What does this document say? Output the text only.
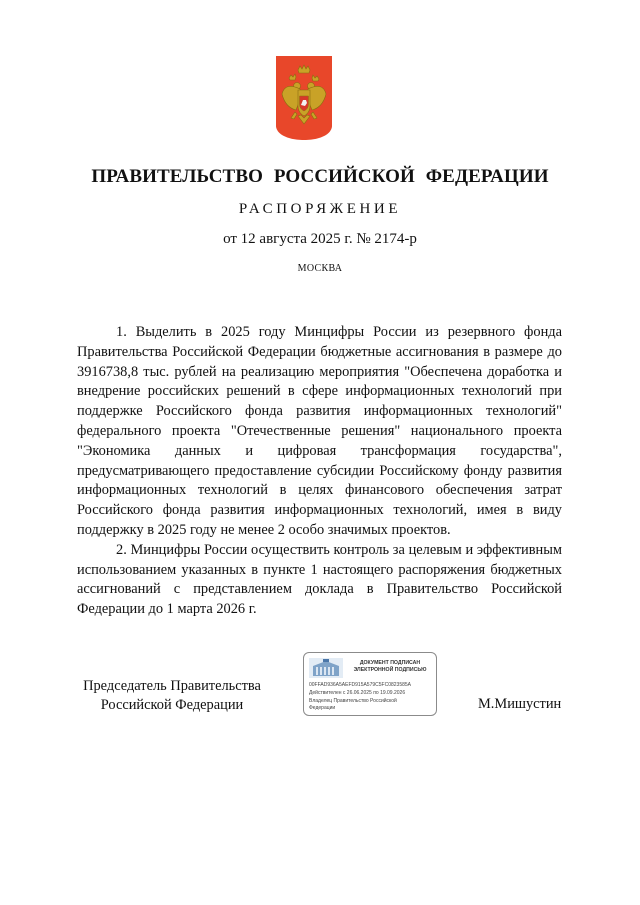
ПРАВИТЕЛЬСТВО РОССИЙСКОЙ ФЕДЕРАЦИИ
РАСПОРЯЖЕНИЕ
от 12 августа 2025 г. № 2174-р
МОСКВА

1. Выделить в 2025 году Минцифры России из резервного фонда Правительства Российской Федерации бюджетные ассигнования в размере до 3916738,8 тыс. рублей на реализацию мероприятия "Обеспечена доработка и внедрение российских решений в сфере информационных технологий при поддержке Российского фонда развития информационных технологий" федерального проекта "Отечественные решения" национального проекта "Экономика данных и цифровая трансформация государства", предусматривающего предоставление субсидии Российскому фонду развития информационных технологий в целях финансового обеспечения затрат Российского фонда развития информационных технологий, имея в виду поддержку в 2025 году не менее 2 особо значимых проектов.

2. Минцифры России осуществить контроль за целевым и эффективным использованием указанных в пункте 1 настоящего распоряжения бюджетных ассигнований с представлением доклада в Правительство Российской Федерации до 1 марта 2026 г.

Председатель Правительства
Российской Федерации
ДОКУМЕНТ ПОДПИСАН
ЭЛЕКТРОННОЙ ПОДПИСЬЮ
00FFAD936A5AEFD915A579C5FC0823585A
Действителен с 26.06.2025 по 19.09.2026
Владелец Правительство Российской
Федерации	М.Мишустин
